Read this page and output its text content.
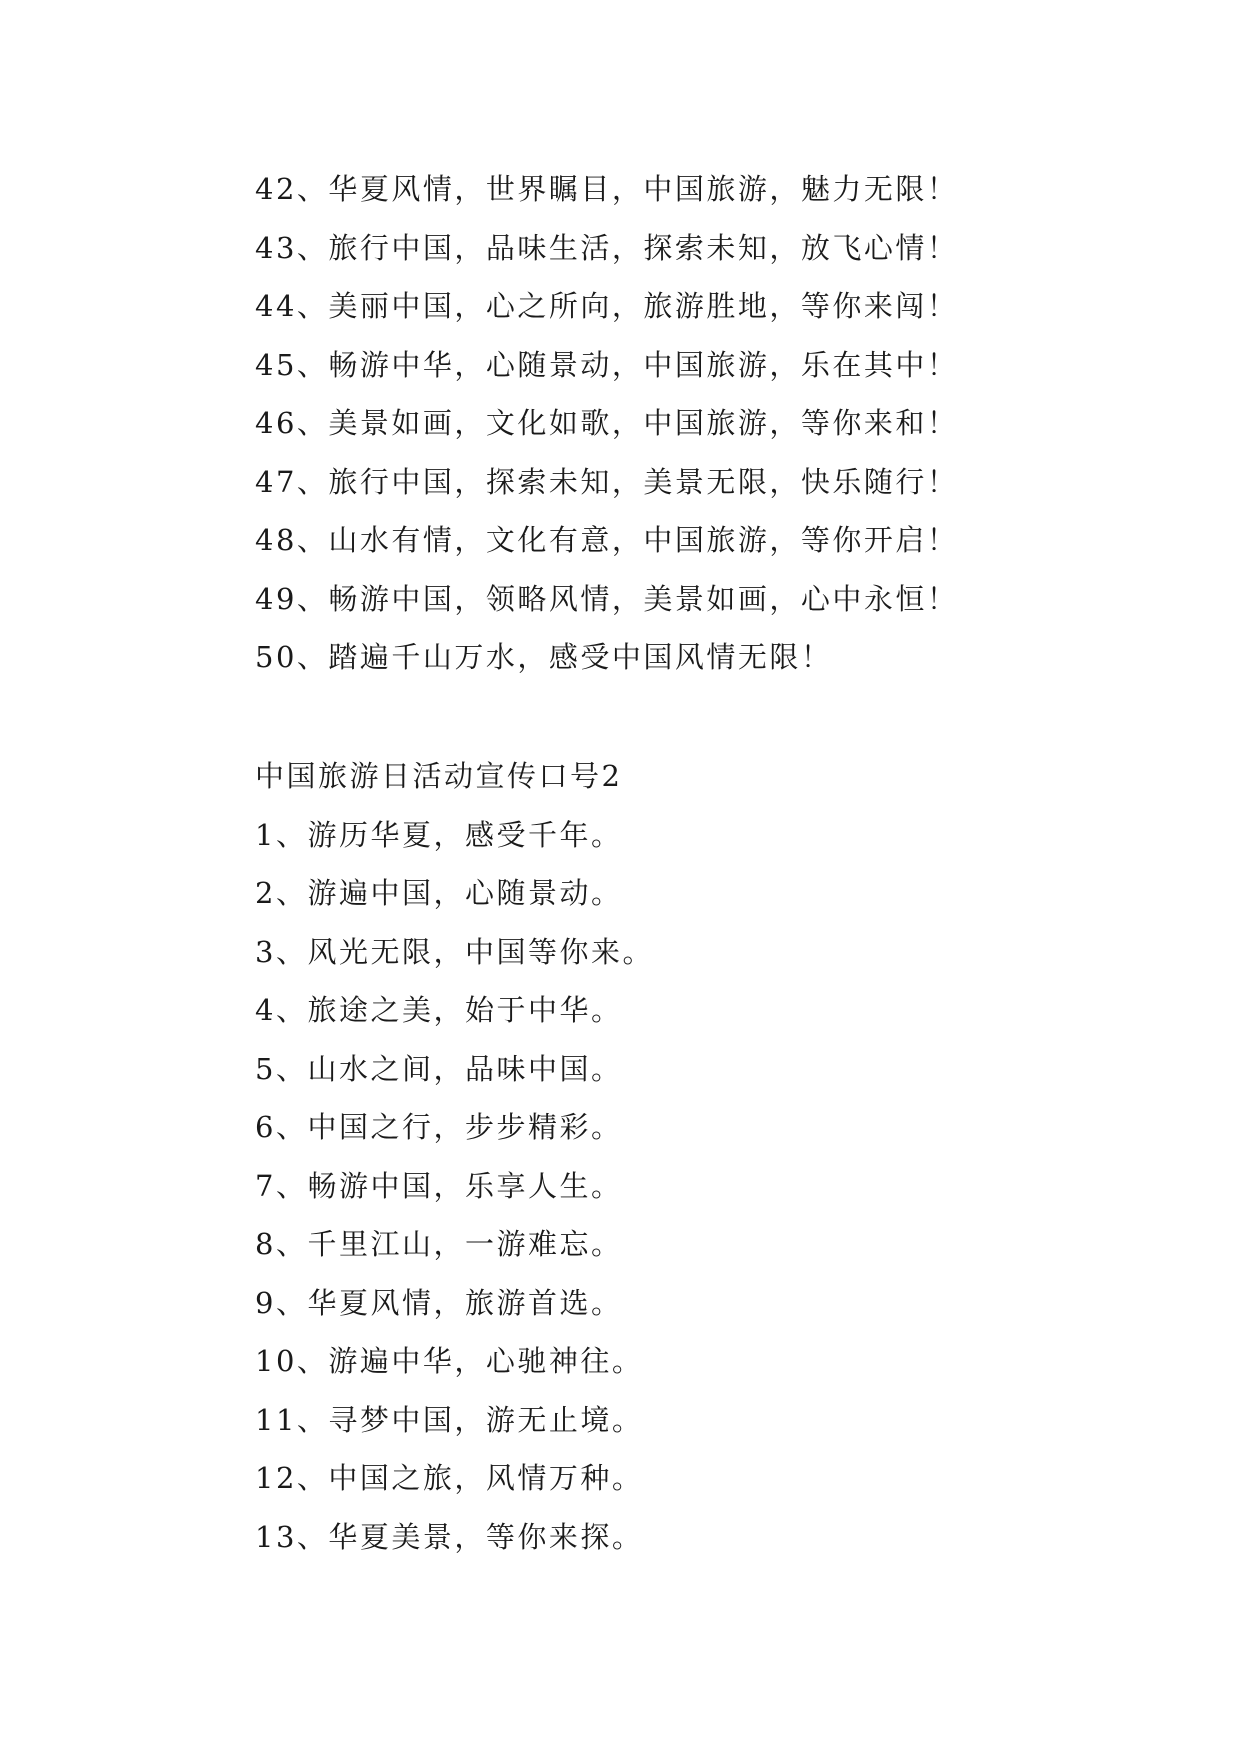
42、华夏风情，世界瞩目，中国旅游，魅力无限！
43、旅行中国，品味生活，探索未知，放飞心情！
44、美丽中国，心之所向，旅游胜地，等你来闯！
45、畅游中华，心随景动，中国旅游，乐在其中！
46、美景如画，文化如歌，中国旅游，等你来和！
47、旅行中国，探索未知，美景无限，快乐随行！
48、山水有情，文化有意，中国旅游，等你开启！
49、畅游中国，领略风情，美景如画，心中永恒！
50、踏遍千山万水，感受中国风情无限！
中国旅游日活动宣传口号2
1、游历华夏，感受千年。
2、游遍中国，心随景动。
3、风光无限，中国等你来。
4、旅途之美，始于中华。
5、山水之间，品味中国。
6、中国之行，步步精彩。
7、畅游中国，乐享人生。
8、千里江山，一游难忘。
9、华夏风情，旅游首选。
10、游遍中华，心驰神往。
11、寻梦中国，游无止境。
12、中国之旅，风情万种。
13、华夏美景，等你来探。
